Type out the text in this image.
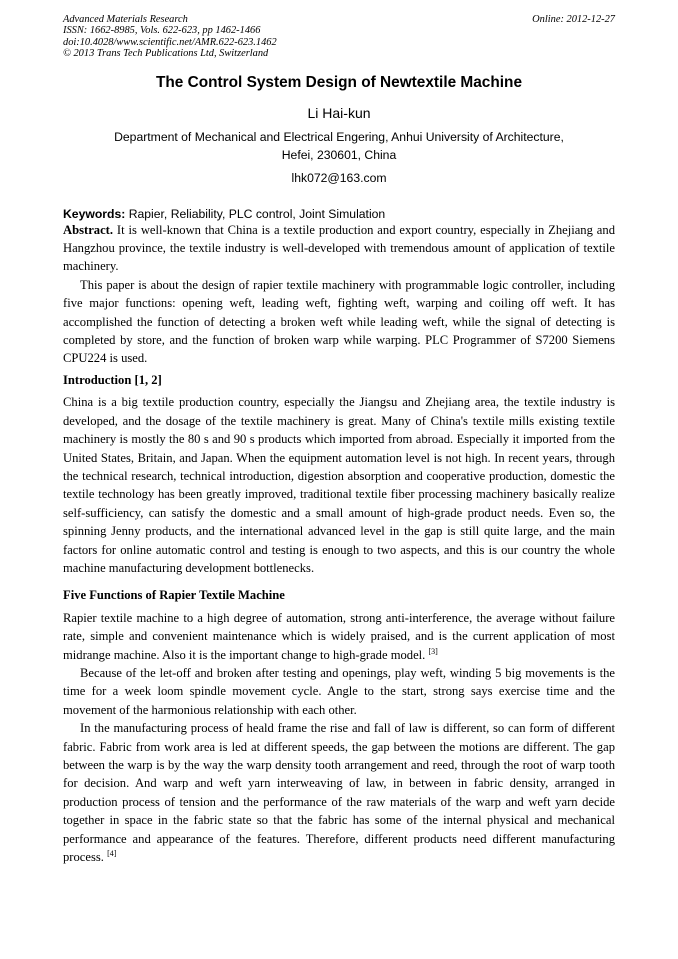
Advanced Materials Research
ISSN: 1662-8985, Vols. 622-623, pp 1462-1466
doi:10.4028/www.scientific.net/AMR.622-623.1462
© 2013 Trans Tech Publications Ltd, Switzerland
Online: 2012-12-27
The Control System Design of Newtextile Machine
Li Hai-kun
Department of Mechanical and Electrical Engering, Anhui University of Architecture,
Hefei, 230601, China
lhk072@163.com
Keywords: Rapier, Reliability, PLC control, Joint Simulation

Abstract. It is well-known that China is a textile production and export country, especially in Zhejiang and Hangzhou province, the textile industry is well-developed with tremendous amount of application of textile machinery.

This paper is about the design of rapier textile machinery with programmable logic controller, including five major functions: opening weft, leading weft, fighting weft, warping and coiling off weft. It has accomplished the function of detecting a broken weft while leading weft, while the signal of detecting is completed by store, and the function of broken warp while warping. PLC Programmer of S7200 Siemens CPU224 is used.

Introduction [1, 2]

China is a big textile production country, especially the Jiangsu and Zhejiang area, the textile industry is developed, and the dosage of the textile machinery is great. Many of China's textile mills existing textile machinery is mostly the 80 s and 90 s products which imported from abroad. Especially it imported from the United States, Britain, and Japan. When the equipment automation level is not high. In recent years, through the technical research, technical introduction, digestion absorption and cooperative production, domestic the textile technology has been greatly improved, traditional textile fiber processing machinery basically realize self-sufficiency, can satisfy the domestic and a small amount of high-grade product needs. Even so, the spinning Jenny products, and the international advanced level in the gap is still quite large, and the main factors for online automatic control and testing is enough to two aspects, and this is our country the whole machine manufacturing development bottlenecks.

Five Functions of Rapier Textile Machine

Rapier textile machine to a high degree of automation, strong anti-interference, the average without failure rate, simple and convenient maintenance which is widely praised, and is the current application of most midrange machine. Also it is the important change to high-grade model. [3]

Because of the let-off and broken after testing and openings, play weft, winding 5 big movements is the time for a week loom spindle movement cycle. Angle to the start, strong says exercise time and the movement of the harmonious relationship with each other.

In the manufacturing process of heald frame the rise and fall of law is different, so can form of different fabric. Fabric from work area is led at different speeds, the gap between the motions are different. The gap between the warp is by the way the warp density tooth arrangement and reed, through the root of warp tooth for decision. And warp and weft yarn interweaving of law, in between in fabric density, arranged in production process of tension and the performance of the raw materials of the warp and weft yarn decide together in space in the fabric state so that the fabric has some of the internal physical and mechanical performance and appearance of the features. Therefore, different products need different manufacturing process. [4]
